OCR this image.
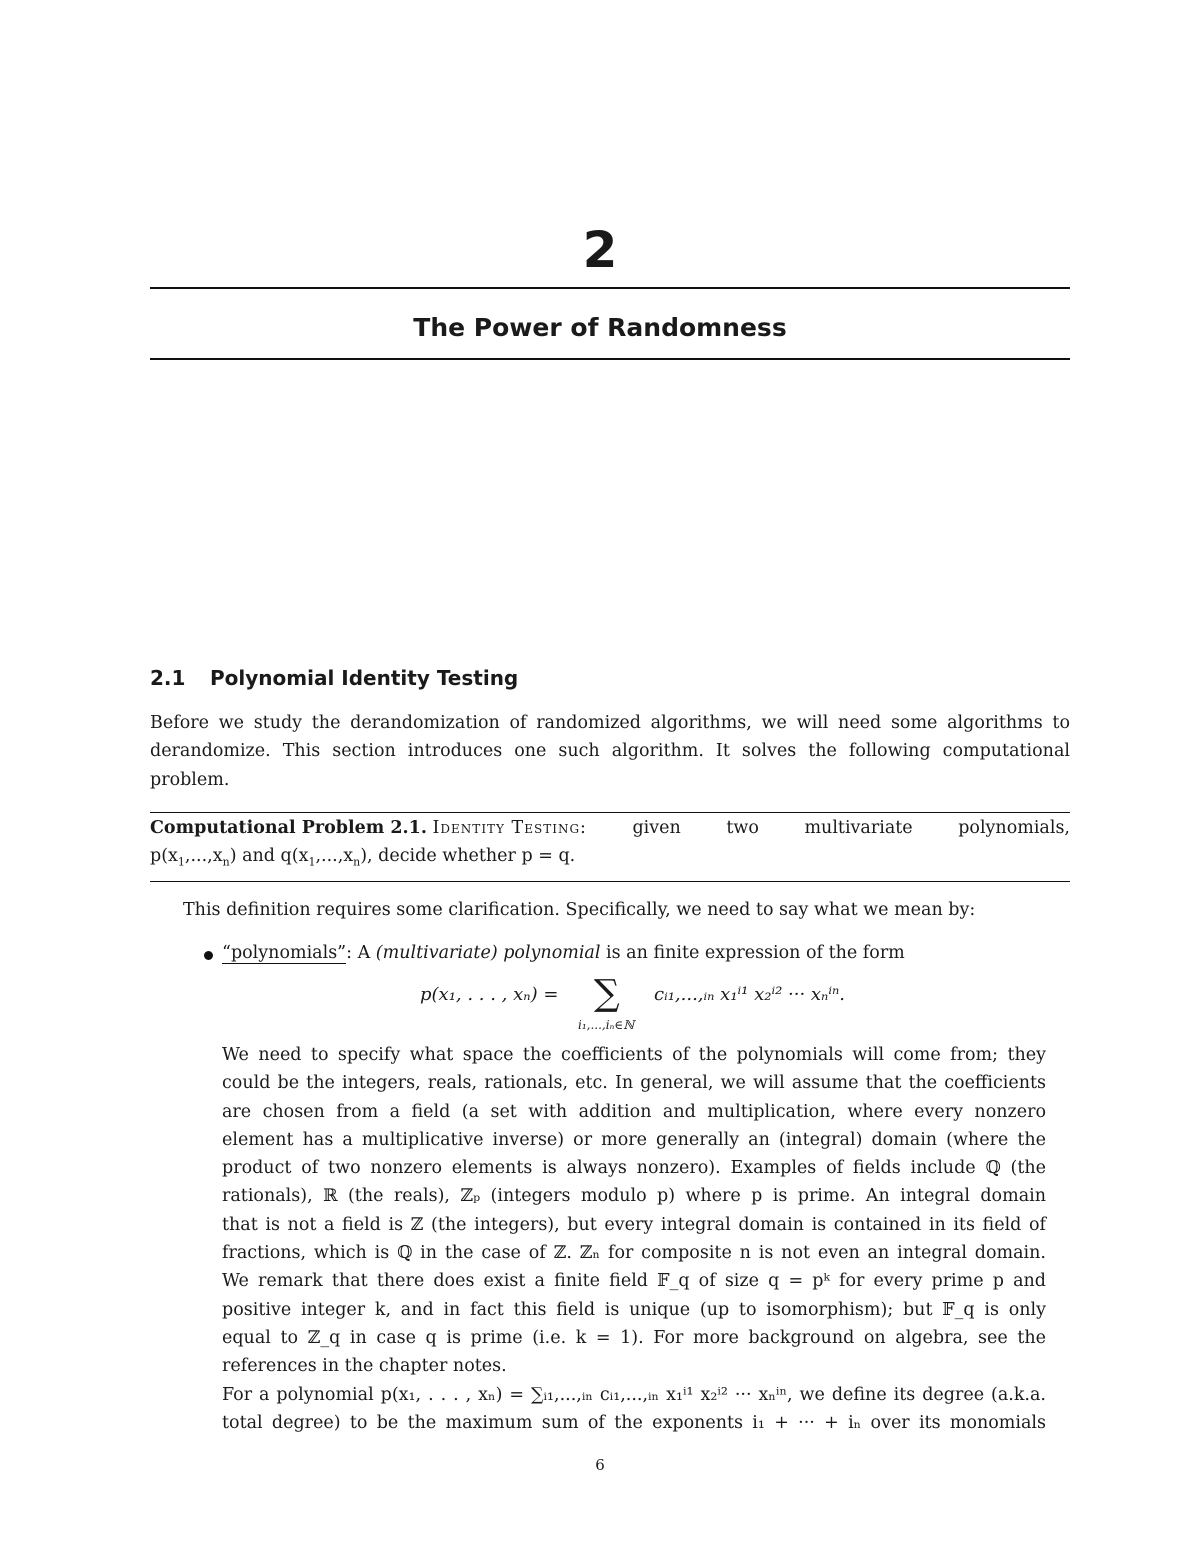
2
The Power of Randomness
2.1 Polynomial Identity Testing
Before we study the derandomization of randomized algorithms, we will need some algorithms to
derandomize. This section introduces one such algorithm. It solves the following computational
problem.
Computational Problem 2.1. Identity Testing:	given	two	multivariate	polynomials,
$p(x_1,...,x_n)$ and $q(x_1,...,x_n)$, decide whether p = q.
This definition requires some clarification. Specifically, we need to say what we mean by:
“polynomials”: A (multivariate) polynomial is an finite expression of the form
p(x₁, . . . , xₙ) = ∑
i₁,...,iₙ∈ℕ
cᵢ₁,...,ᵢₙ x₁ⁱ¹ x₂ⁱ² ··· xₙⁱⁿ.
We need to specify what space the coefficients of the polynomials will come from; they
could be the integers, reals, rationals, etc. In general, we will assume that the coefficients
are chosen from a field (a set with addition and multiplication, where every nonzero
element has a multiplicative inverse) or more generally an (integral) domain (where the
product of two nonzero elements is always nonzero). Examples of fields include ℚ (the
rationals), ℝ (the reals), ℤₚ (integers modulo p) where p is prime. An integral domain
that is not a field is ℤ (the integers), but every integral domain is contained in its field of
fractions, which is ℚ in the case of ℤ. ℤₙ for composite n is not even an integral domain.
We remark that there does exist a finite field 𝔽_q of size q = pᵏ for every prime p and
positive integer k, and in fact this field is unique (up to isomorphism); but 𝔽_q is only
equal to ℤ_q in case q is prime (i.e. k = 1). For more background on algebra, see the
references in the chapter notes.
For a polynomial p(x₁, . . . , xₙ) = ∑ᵢ₁,...,ᵢₙ cᵢ₁,...,ᵢₙ x₁ⁱ¹ x₂ⁱ² ··· xₙⁱⁿ, we define its degree (a.k.a.
total degree) to be the maximum sum of the exponents i₁ + ··· + iₙ over its monomials
6
